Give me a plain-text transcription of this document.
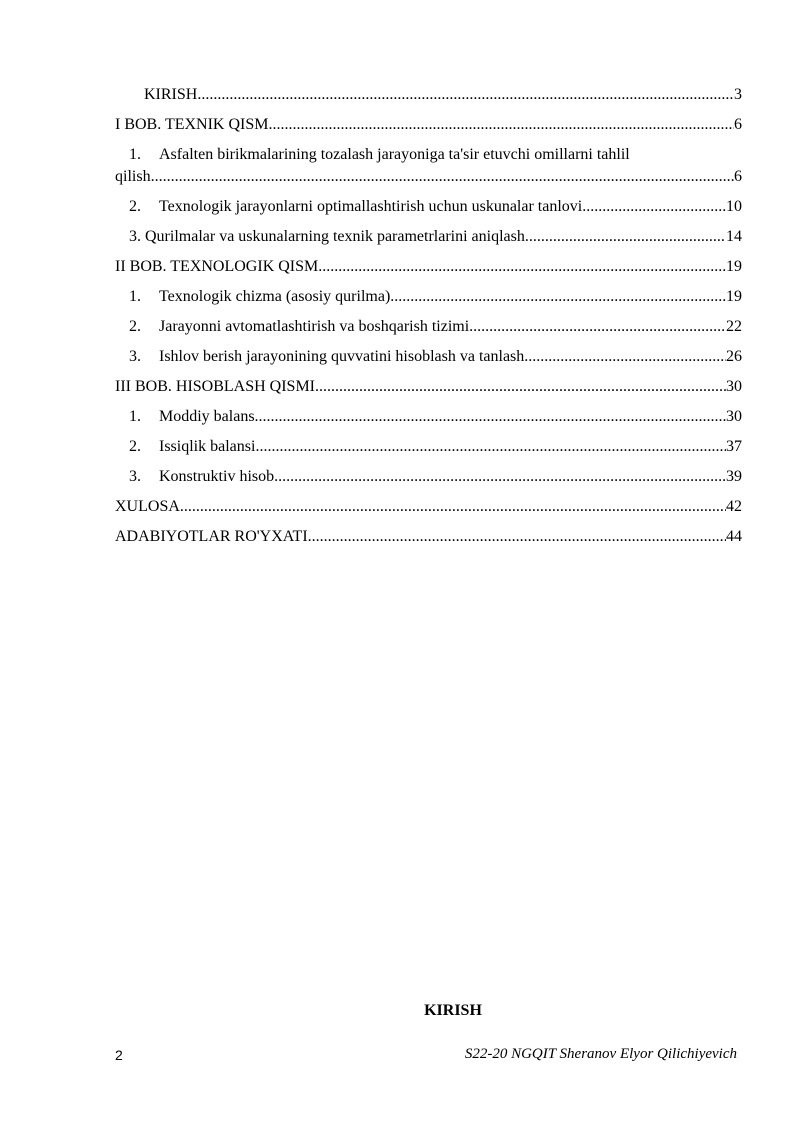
KIRISH .....	3
I BOB. TEXNIK QISM .....	6
1.	Asfalten birikmalarining tozalash jarayoniga ta'sir etuvchi omillarni tahlil
qilish .....	6
2.	Texnologik jarayonlarni optimallashtirish uchun uskunalar tanlovi .....	10
3. Qurilmalar va uskunalarning texnik parametrlarini aniqlash .....	14
II BOB. TEXNOLOGIK QISM .....	19
1.	Texnologik chizma (asosiy qurilma) .....	19
2.	Jarayonni avtomatlashtirish va boshqarish tizimi .....	22
3.	Ishlov berish jarayonining quvvatini hisoblash va tanlash .....	26
III BOB. HISOBLASH QISMI .....	30
1.	Moddiy balans .....	30
2.	Issiqlik balansi .....	37
3.	Konstruktiv hisob .....	39
XULOSA .....	42
ADABIYOTLAR RO'YXATI .....	44
KIRISH
2	S22-20 NGQIT Sheranov Elyor Qilichiyevich
